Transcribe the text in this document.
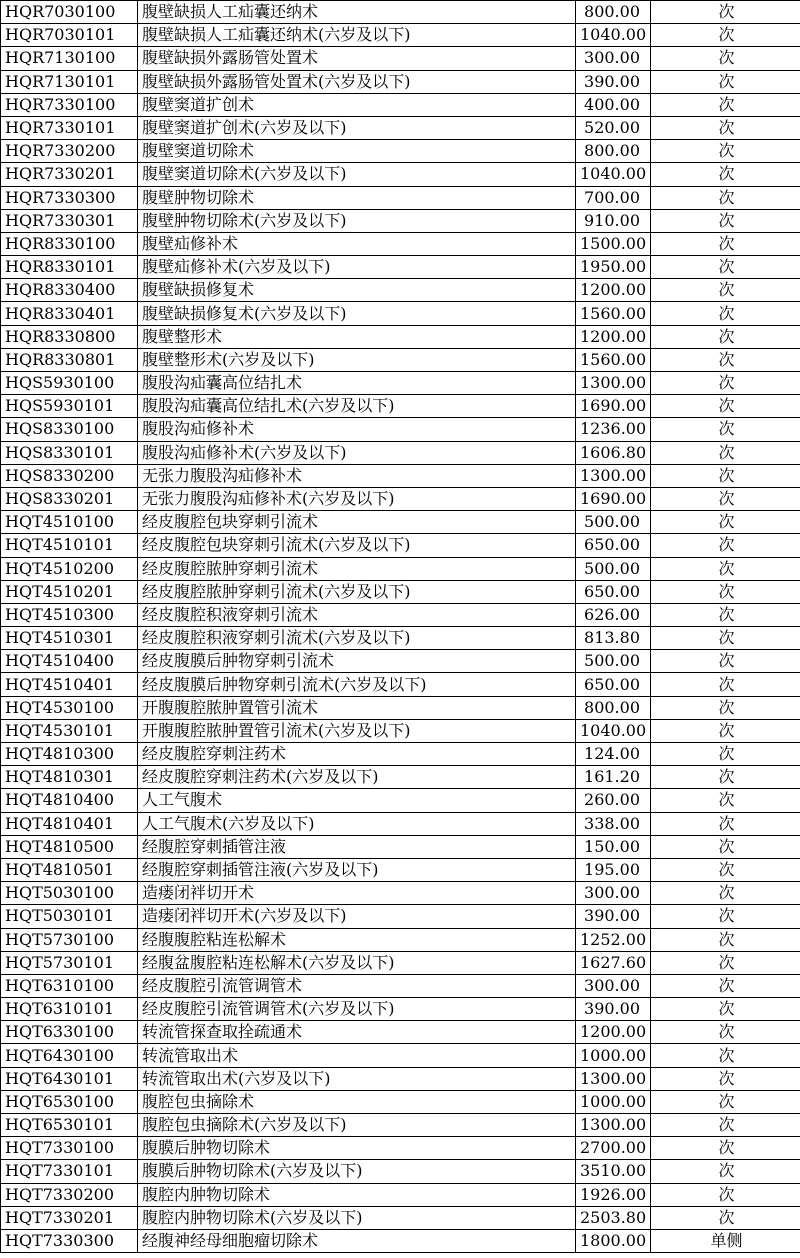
HQR7030100	腹壁缺损人工疝囊还纳术	800.00	次
HQR7030101	腹壁缺损人工疝囊还纳术(六岁及以下)	1040.00	次
HQR7130100	腹壁缺损外露肠管处置术	300.00	次
HQR7130101	腹壁缺损外露肠管处置术(六岁及以下)	390.00	次
HQR7330100	腹壁窦道扩创术	400.00	次
HQR7330101	腹壁窦道扩创术(六岁及以下)	520.00	次
HQR7330200	腹壁窦道切除术	800.00	次
HQR7330201	腹壁窦道切除术(六岁及以下)	1040.00	次
HQR7330300	腹壁肿物切除术	700.00	次
HQR7330301	腹壁肿物切除术(六岁及以下)	910.00	次
HQR8330100	腹壁疝修补术	1500.00	次
HQR8330101	腹壁疝修补术(六岁及以下)	1950.00	次
HQR8330400	腹壁缺损修复术	1200.00	次
HQR8330401	腹壁缺损修复术(六岁及以下)	1560.00	次
HQR8330800	腹壁整形术	1200.00	次
HQR8330801	腹壁整形术(六岁及以下)	1560.00	次
HQS5930100	腹股沟疝囊高位结扎术	1300.00	次
HQS5930101	腹股沟疝囊高位结扎术(六岁及以下)	1690.00	次
HQS8330100	腹股沟疝修补术	1236.00	次
HQS8330101	腹股沟疝修补术(六岁及以下)	1606.80	次
HQS8330200	无张力腹股沟疝修补术	1300.00	次
HQS8330201	无张力腹股沟疝修补术(六岁及以下)	1690.00	次
HQT4510100	经皮腹腔包块穿刺引流术	500.00	次
HQT4510101	经皮腹腔包块穿刺引流术(六岁及以下)	650.00	次
HQT4510200	经皮腹腔脓肿穿刺引流术	500.00	次
HQT4510201	经皮腹腔脓肿穿刺引流术(六岁及以下)	650.00	次
HQT4510300	经皮腹腔积液穿刺引流术	626.00	次
HQT4510301	经皮腹腔积液穿刺引流术(六岁及以下)	813.80	次
HQT4510400	经皮腹膜后肿物穿刺引流术	500.00	次
HQT4510401	经皮腹膜后肿物穿刺引流术(六岁及以下)	650.00	次
HQT4530100	开腹腹腔脓肿置管引流术	800.00	次
HQT4530101	开腹腹腔脓肿置管引流术(六岁及以下)	1040.00	次
HQT4810300	经皮腹腔穿刺注药术	124.00	次
HQT4810301	经皮腹腔穿刺注药术(六岁及以下)	161.20	次
HQT4810400	人工气腹术	260.00	次
HQT4810401	人工气腹术(六岁及以下)	338.00	次
HQT4810500	经腹腔穿刺插管注液	150.00	次
HQT4810501	经腹腔穿刺插管注液(六岁及以下)	195.00	次
HQT5030100	造瘘闭袢切开术	300.00	次
HQT5030101	造瘘闭袢切开术(六岁及以下)	390.00	次
HQT5730100	经腹腹腔粘连松解术	1252.00	次
HQT5730101	经腹盆腹腔粘连松解术(六岁及以下)	1627.60	次
HQT6310100	经皮腹腔引流管调管术	300.00	次
HQT6310101	经皮腹腔引流管调管术(六岁及以下)	390.00	次
HQT6330100	转流管探查取拴疏通术	1200.00	次
HQT6430100	转流管取出术	1000.00	次
HQT6430101	转流管取出术(六岁及以下)	1300.00	次
HQT6530100	腹腔包虫摘除术	1000.00	次
HQT6530101	腹腔包虫摘除术(六岁及以下)	1300.00	次
HQT7330100	腹膜后肿物切除术	2700.00	次
HQT7330101	腹膜后肿物切除术(六岁及以下)	3510.00	次
HQT7330200	腹腔内肿物切除术	1926.00	次
HQT7330201	腹腔内肿物切除术(六岁及以下)	2503.80	次
HQT7330300	经腹神经母细胞瘤切除术	1800.00	单侧
